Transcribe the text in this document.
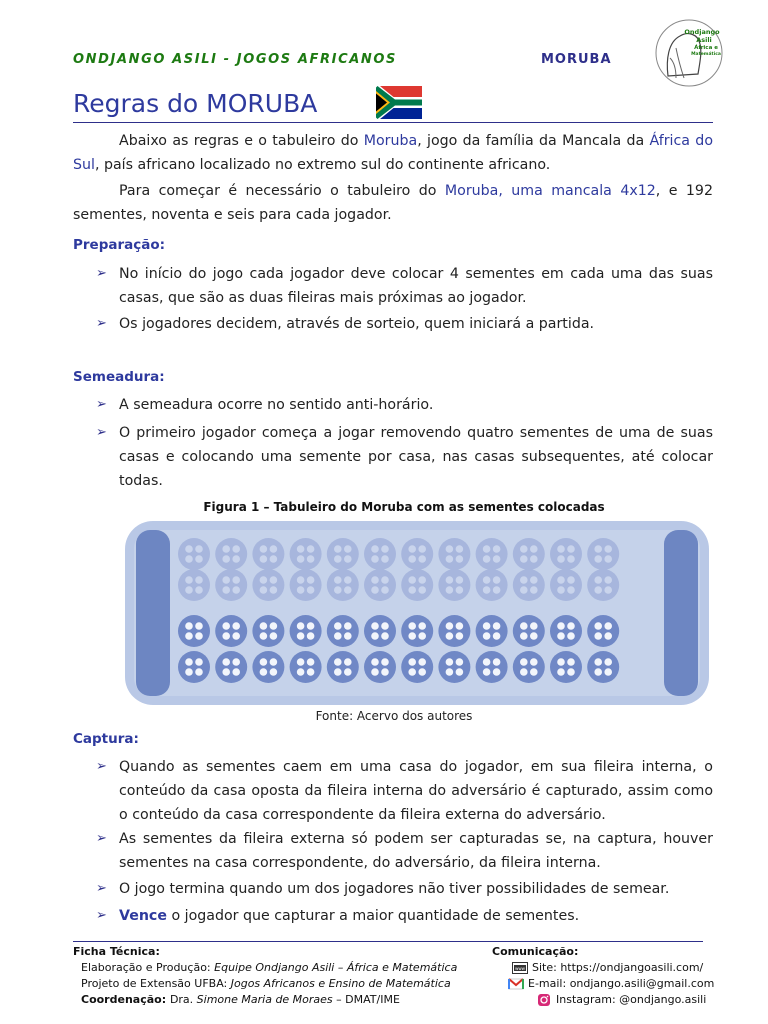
ONDJANGO ASILI - JOGOS AFRICANOS	MORUBA
Ondjango
Asili
África e
Matemática
Regras do MORUBA
Abaixo as regras e o tabuleiro do Moruba, jogo da família da Mancala da África do Sul, país africano localizado no extremo sul do continente africano.
Para começar é necessário o tabuleiro do Moruba, uma mancala 4x12, e 192 sementes, noventa e seis para cada jogador.
Preparação:
➢ No início do jogo cada jogador deve colocar 4 sementes em cada uma das suas casas, que são as duas fileiras mais próximas ao jogador.
➢ Os jogadores decidem, através de sorteio, quem iniciará a partida.
Semeadura:
➢ A semeadura ocorre no sentido anti-horário.
➢ O primeiro jogador começa a jogar removendo quatro sementes de uma de suas casas e colocando uma semente por casa, nas casas subsequentes, até colocar todas.
Figura 1 – Tabuleiro do Moruba com as sementes colocadas
Fonte: Acervo dos autores
Captura:
➢ Quando as sementes caem em uma casa do jogador, em sua fileira interna, o conteúdo da casa oposta da fileira interna do adversário é capturado, assim como o conteúdo da casa correspondente da fileira externa do adversário.
➢ As sementes da fileira externa só podem ser capturadas se, na captura, houver sementes na casa correspondente, do adversário, da fileira interna.
➢ O jogo termina quando um dos jogadores não tiver possibilidades de semear.
➢ Vence o jogador que capturar a maior quantidade de sementes.
Ficha Técnica:
Elaboração e Produção: Equipe Ondjango Asili – África e Matemática
Projeto de Extensão UFBA: Jogos Africanos e Ensino de Matemática
Coordenação: Dra. Simone Maria de Moraes – DMAT/IME
Comunicação:
www Site: https://ondjangoasili.com/
E-mail: ondjango.asili@gmail.com
Instagram: @ondjango.asili
